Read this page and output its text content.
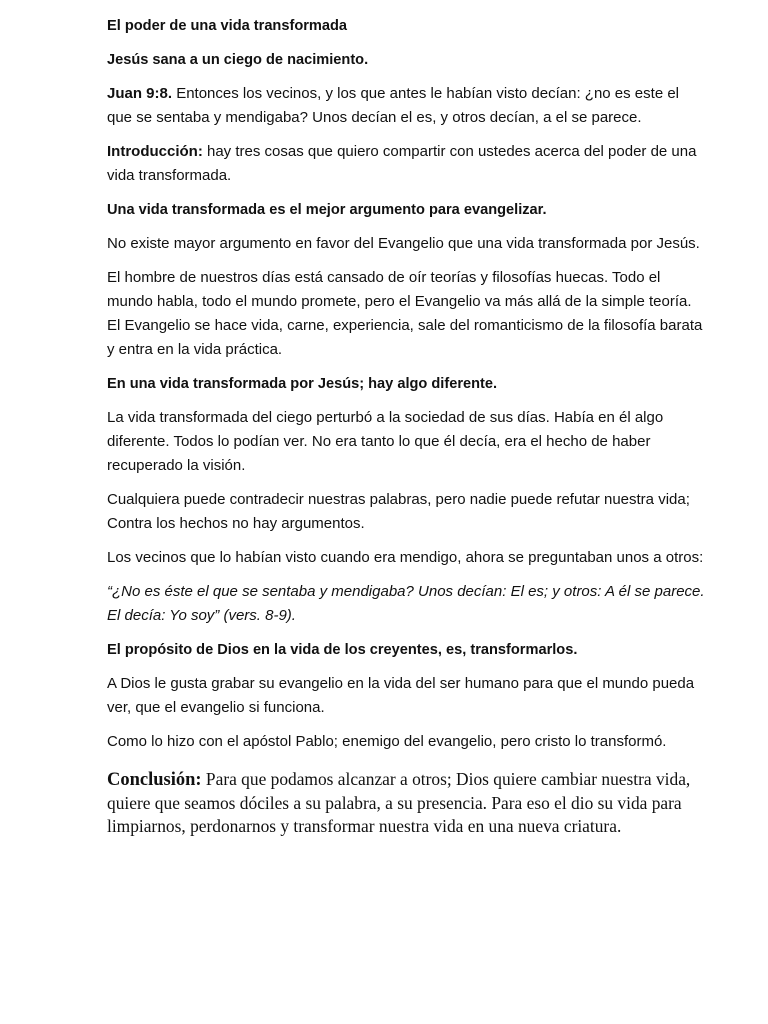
El poder de una vida transformada

Jesús sana a un ciego de nacimiento.

Juan 9:8. Entonces los vecinos, y los que antes le habían visto decían: ¿no es este el que se sentaba y mendigaba? Unos decían el es, y otros decían, a el se parece.

Introducción: hay tres cosas que quiero compartir con ustedes acerca del poder de una vida transformada.

Una vida transformada es el mejor argumento para evangelizar.

No existe mayor argumento en favor del Evangelio que una vida transformada por Jesús.

El hombre de nuestros días está cansado de oír teorías y filosofías huecas. Todo el mundo habla, todo el mundo promete, pero el Evangelio va más allá de la simple teoría. El Evangelio se hace vida, carne, experiencia, sale del romanticismo de la filosofía barata y entra en la vida práctica.

En una vida transformada por Jesús; hay algo diferente.

La vida transformada del ciego perturbó a la sociedad de sus días. Había en él algo diferente. Todos lo podían ver. No era tanto lo que él decía, era el hecho de haber recuperado la visión.

Cualquiera puede contradecir nuestras palabras, pero nadie puede refutar nuestra vida; Contra los hechos no hay argumentos.

Los vecinos que lo habían visto cuando era mendigo, ahora se preguntaban unos a otros:

“¿No es éste el que se sentaba y mendigaba? Unos decían: El es; y otros: A él se parece. El decía: Yo soy” (vers. 8-9).

El propósito de Dios en la vida de los creyentes, es, transformarlos.

A Dios le gusta grabar su evangelio en la vida del ser humano para que el mundo pueda ver, que el evangelio si funciona.

Como lo hizo con el apóstol Pablo; enemigo del evangelio, pero cristo lo transformó.

Conclusión: Para que podamos alcanzar a otros; Dios quiere cambiar nuestra vida, quiere que seamos dóciles a su palabra, a su presencia. Para eso el dio su vida para limpiarnos, perdonarnos y transformar nuestra vida en una nueva criatura.
